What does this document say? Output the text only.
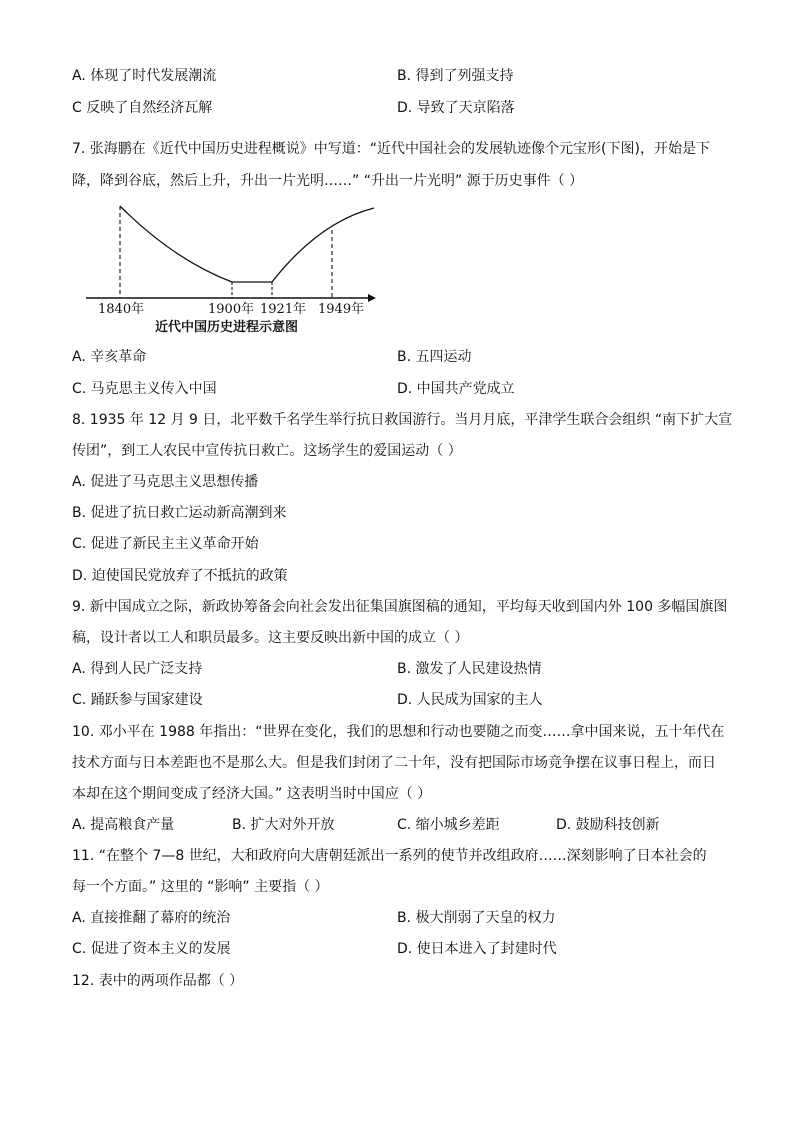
A. 体现了时代发展潮流	B. 得到了列强支持
C 反映了自然经济瓦解	D. 导致了天京陷落
7. 张海鹏在《近代中国历史进程概说》中写道：“近代中国社会的发展轨迹像个元宝形(下图)，开始是下
降，降到谷底，然后上升，升出一片光明……” “升出一片光明” 源于历史事件（ ）
1840年	1900年 1921年 1949年
近代中国历史进程示意图
A. 辛亥革命	B. 五四运动
C. 马克思主义传入中国	D. 中国共产党成立
8. 1935 年 12 月 9 日，北平数千名学生举行抗日救国游行。当月月底，平津学生联合会组织 “南下扩大宣
传团”，到工人农民中宣传抗日救亡。这场学生的爱国运动（ ）
A. 促进了马克思主义思想传播
B. 促进了抗日救亡运动新高潮到来
C. 促进了新民主主义革命开始
D. 迫使国民党放弃了不抵抗的政策
9. 新中国成立之际，新政协筹备会向社会发出征集国旗图稿的通知，平均每天收到国内外 100 多幅国旗图
稿，设计者以工人和职员最多。这主要反映出新中国的成立（ ）
A. 得到人民广泛支持	B. 激发了人民建设热情
C. 踊跃参与国家建设	D. 人民成为国家的主人
10. 邓小平在 1988 年指出：“世界在变化，我们的思想和行动也要随之而变……拿中国来说，五十年代在
技术方面与日本差距也不是那么大。但是我们封闭了二十年，没有把国际市场竞争摆在议事日程上，而日
本却在这个期间变成了经济大国。” 这表明当时中国应（ ）
A. 提高粮食产量	B. 扩大对外开放	C. 缩小城乡差距	D. 鼓励科技创新
11. “在整个 7—8 世纪，大和政府向大唐朝廷派出一系列的使节并改组政府……深刻影响了日本社会的
每一个方面。” 这里的 “影响” 主要指（ ）
A. 直接推翻了幕府的统治	B. 极大削弱了天皇的权力
C. 促进了资本主义的发展	D. 使日本进入了封建时代
12. 表中的两项作品都（ ）
